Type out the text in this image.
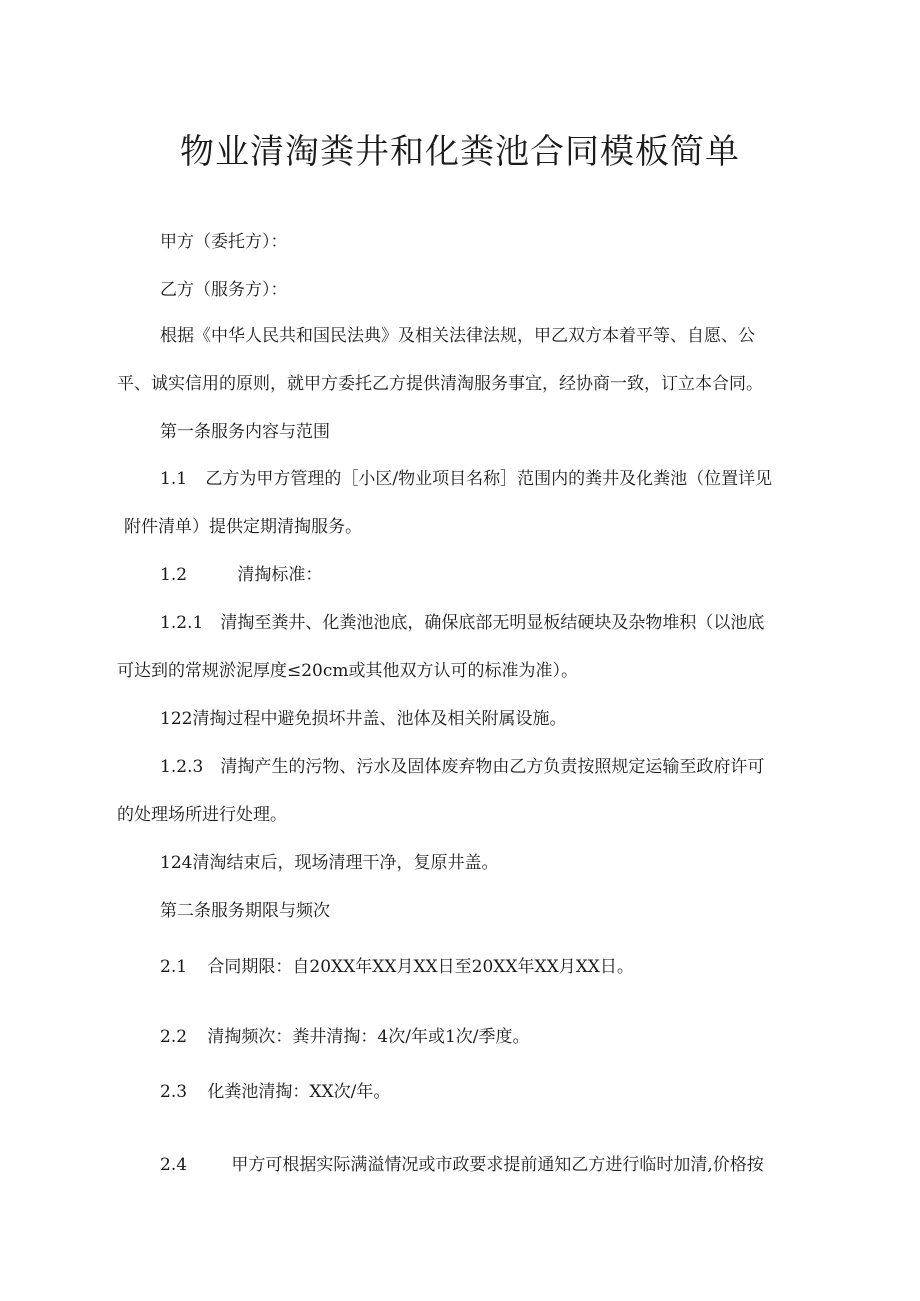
物业清淘粪井和化粪池合同模板简单
甲方（委托方）：
乙方（服务方）：
根据《中华人民共和国民法典》及相关法律法规，甲乙双方本着平等、自愿、公
平、诚实信用的原则，就甲方委托乙方提供清淘服务事宜，经协商一致，订立本合同。
第一条服务内容与范围
1.1 乙方为甲方管理的［小区/物业项目名称］范围内的粪井及化粪池（位置详见
附件清单）提供定期清掏服务。
1.2	清掏标准：
1.2.1 清掏至粪井、化粪池池底，确保底部无明显板结硬块及杂物堆积（以池底
可达到的常规淤泥厚度≤20cm或其他双方认可的标准为准）。
122清掏过程中避免损坏井盖、池体及相关附属设施。
1.2.3 清掏产生的污物、污水及固体废弃物由乙方负责按照规定运输至政府许可
的处理场所进行处理。
124清淘结束后，现场清理干净，复原井盖。
第二条服务期限与频次
2.1 合同期限：自20XX年XX月XX日至20XX年XX月XX日。
2.2 清掏频次：粪井清掏：4次/年或1次/季度。
2.3 化粪池清掏：XX次/年。
2.4	甲方可根据实际满溢情况或市政要求提前通知乙方进行临时加清,价格按
